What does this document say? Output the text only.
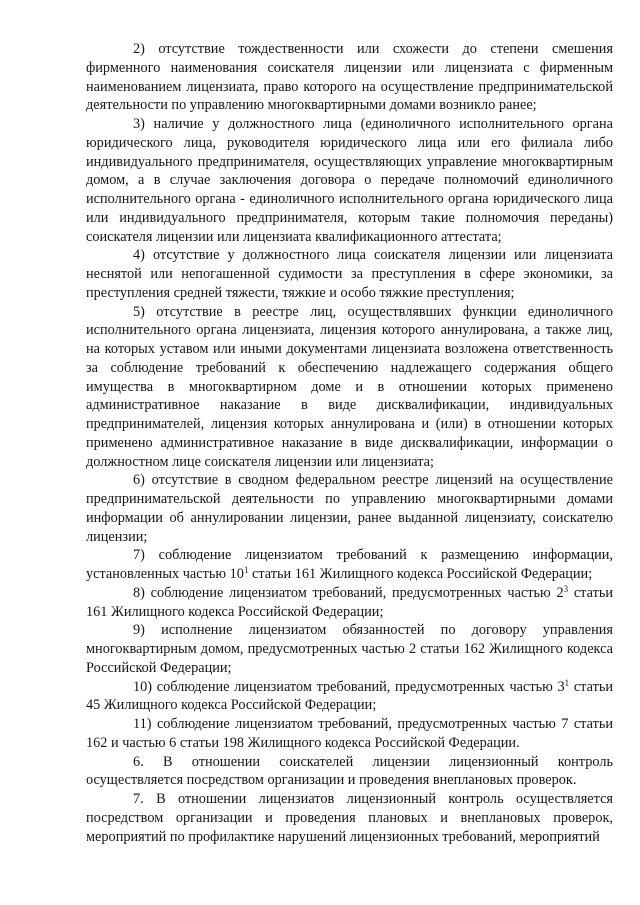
2) отсутствие тождественности или схожести до степени смешения фирменного наименования соискателя лицензии или лицензиата с фирменным наименованием лицензиата, право которого на осуществление предпринимательской деятельности по управлению многоквартирными домами возникло ранее;

3) наличие у должностного лица (единоличного исполнительного органа юридического лица, руководителя юридического лица или его филиала либо индивидуального предпринимателя, осуществляющих управление многоквартирным домом, а в случае заключения договора о передаче полномочий единоличного исполнительного органа - единоличного исполнительного органа юридического лица или индивидуального предпринимателя, которым такие полномочия переданы) соискателя лицензии или лицензиата квалификационного аттестата;

4) отсутствие у должностного лица соискателя лицензии или лицензиата неснятой или непогашенной судимости за преступления в сфере экономики, за преступления средней тяжести, тяжкие и особо тяжкие преступления;

5) отсутствие в реестре лиц, осуществлявших функции единоличного исполнительного органа лицензиата, лицензия которого аннулирована, а также лиц, на которых уставом или иными документами лицензиата возложена ответственность за соблюдение требований к обеспечению надлежащего содержания общего имущества в многоквартирном доме и в отношении которых применено административное наказание в виде дисквалификации, индивидуальных предпринимателей, лицензия которых аннулирована и (или) в отношении которых применено административное наказание в виде дисквалификации, информации о должностном лице соискателя лицензии или лицензиата;

6) отсутствие в сводном федеральном реестре лицензий на осуществление предпринимательской деятельности по управлению многоквартирными домами информации об аннулировании лицензии, ранее выданной лицензиату, соискателю лицензии;

7) соблюдение лицензиатом требований к размещению информации, установленных частью $10^1$ статьи 161 Жилищного кодекса Российской Федерации;

8) соблюдение лицензиатом требований, предусмотренных частью $2^3$ статьи 161 Жилищного кодекса Российской Федерации;

9) исполнение лицензиатом обязанностей по договору управления многоквартирным домом, предусмотренных частью 2 статьи 162 Жилищного кодекса Российской Федерации;

10) соблюдение лицензиатом требований, предусмотренных частью $3^1$ статьи 45 Жилищного кодекса Российской Федерации;

11) соблюдение лицензиатом требований, предусмотренных частью 7 статьи 162 и частью 6 статьи 198 Жилищного кодекса Российской Федерации.

6. В отношении соискателей лицензии лицензионный контроль осуществляется посредством организации и проведения внеплановых проверок.

7. В отношении лицензиатов лицензионный контроль осуществляется посредством организации и проведения плановых и внеплановых проверок, мероприятий по профилактике нарушений лицензионных требований, мероприятий
